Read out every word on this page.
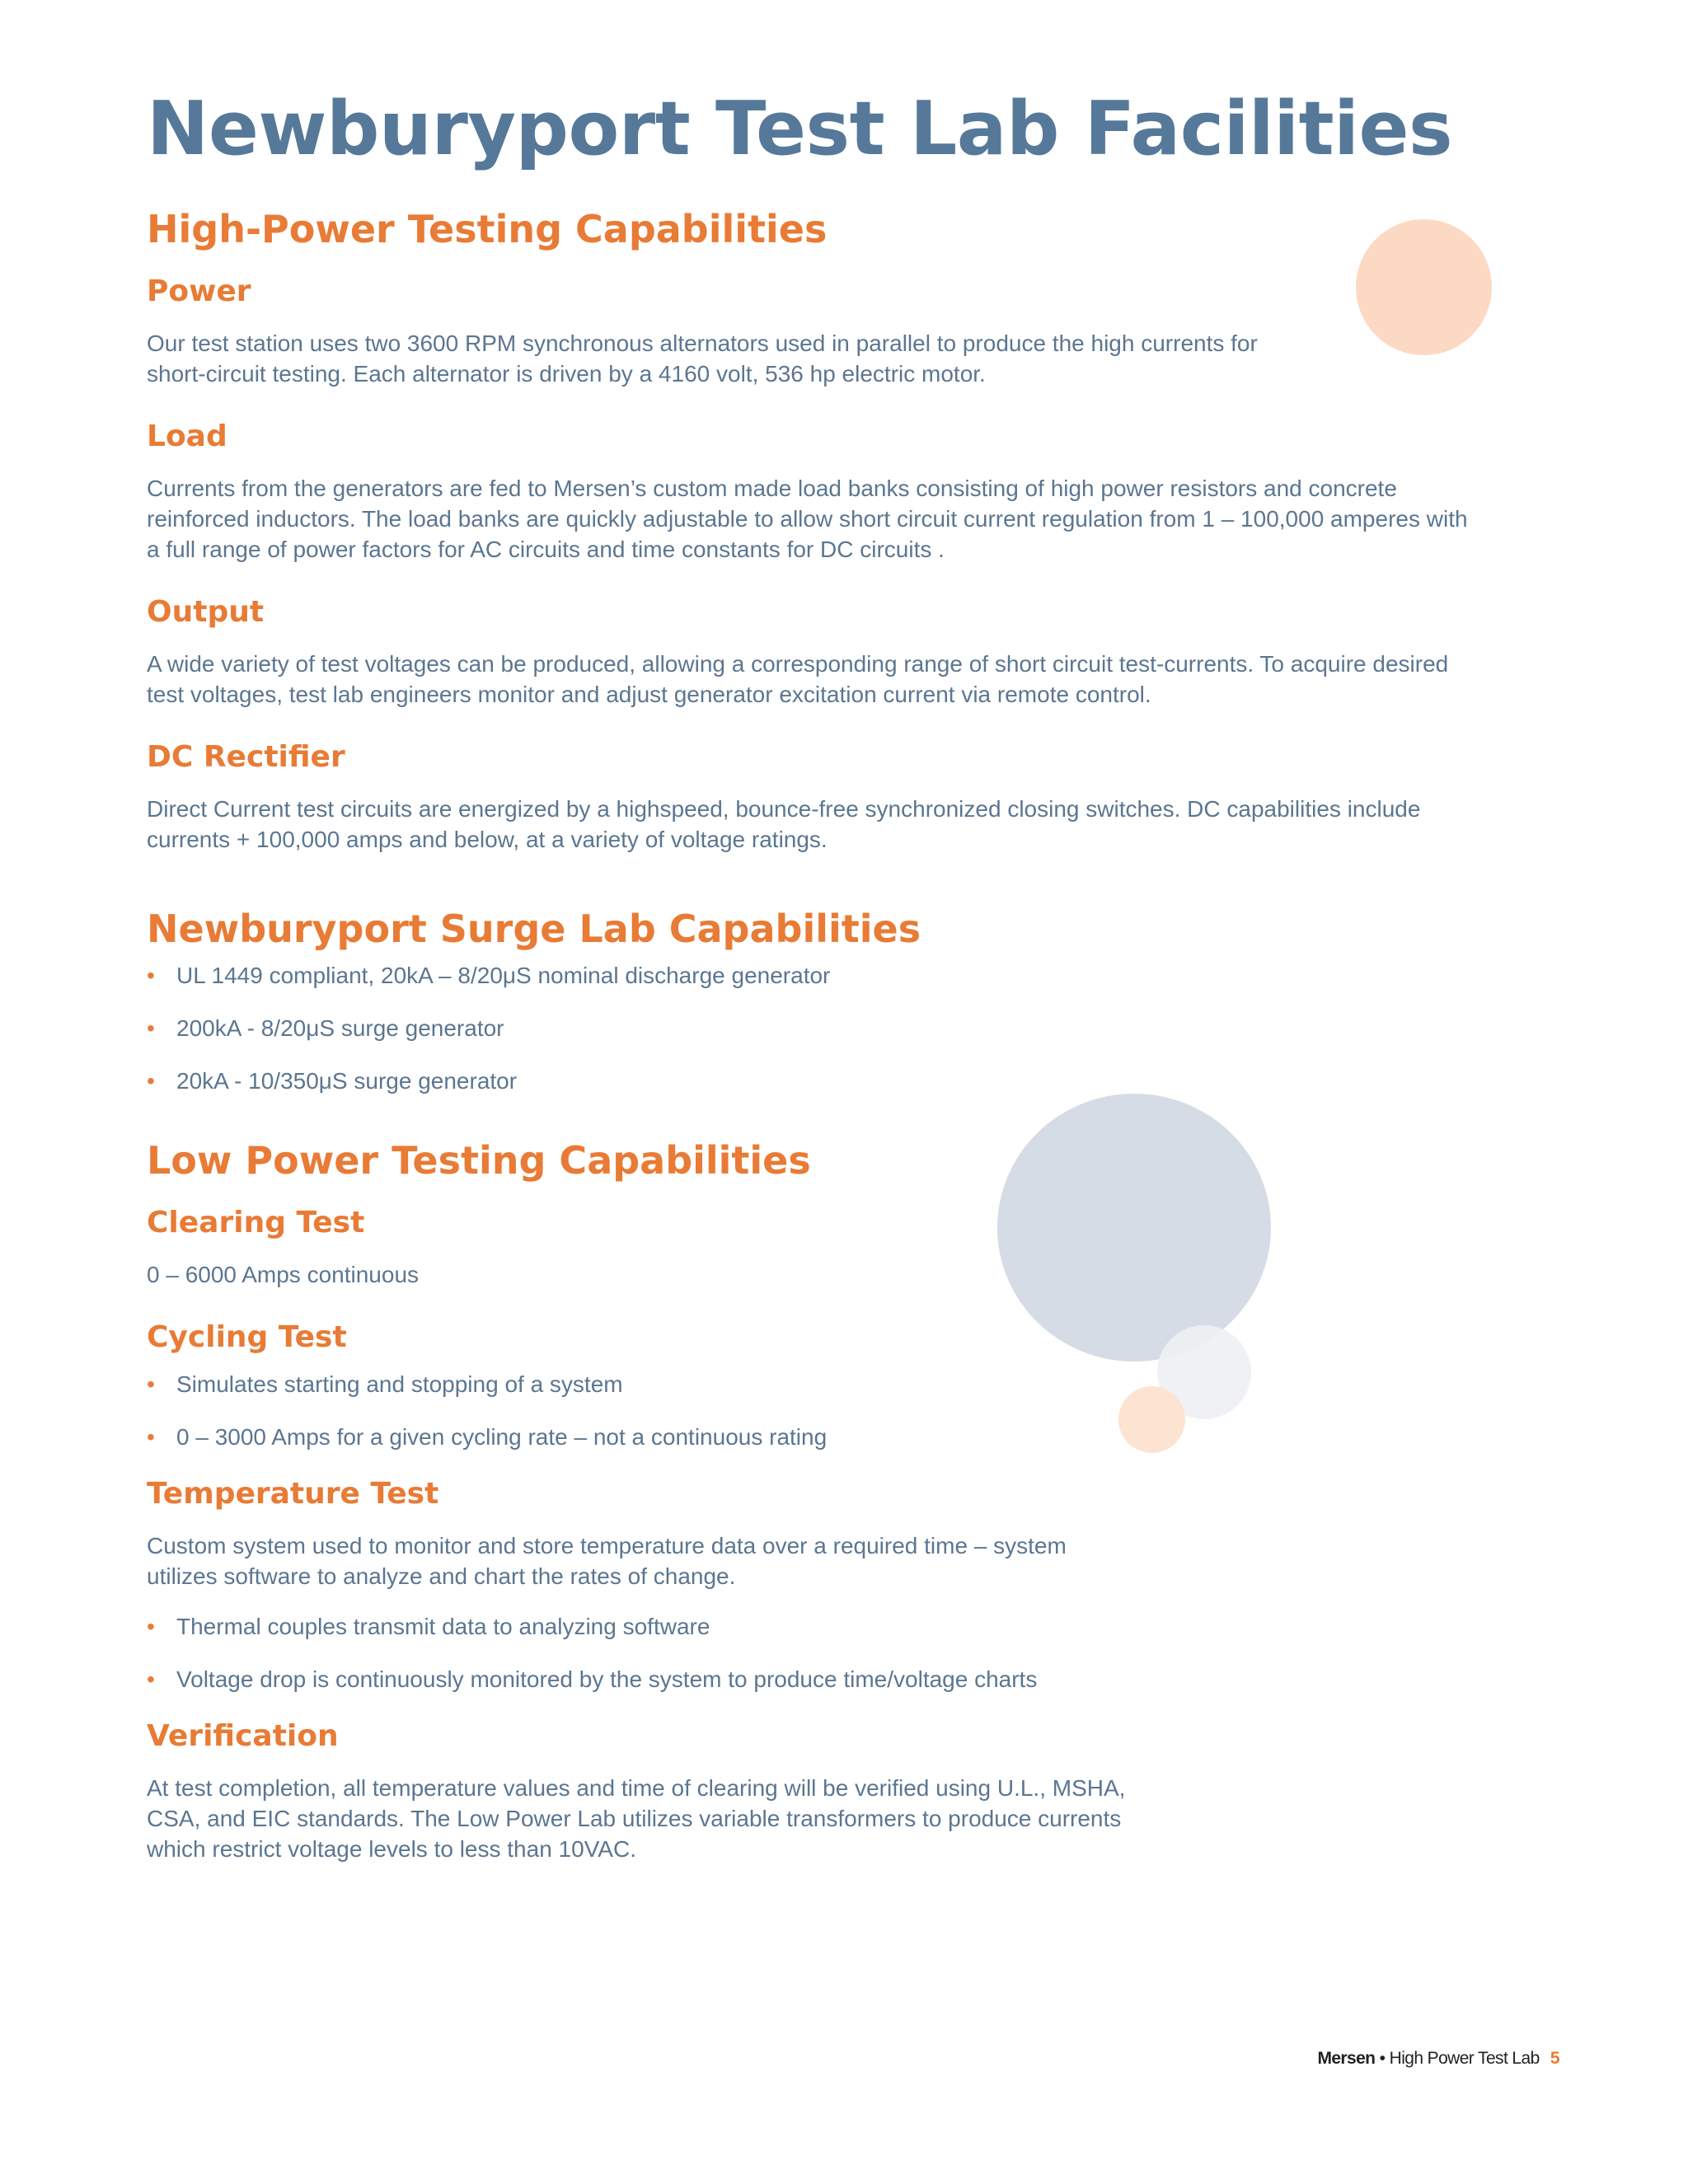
Newburyport Test Lab Facilities
High-Power Testing Capabilities
Power

Our test station uses two 3600 RPM synchronous alternators used in parallel to produce the high currents for
short-circuit testing. Each alternator is driven by a 4160 volt, 536 hp electric motor.

Load

Currents from the generators are fed to Mersen’s custom made load banks consisting of high power resistors and concrete
reinforced inductors. The load banks are quickly adjustable to allow short circuit current regulation from 1 – 100,000 amperes with
a full range of power factors for AC circuits and time constants for DC circuits .

Output

A wide variety of test voltages can be produced, allowing a corresponding range of short circuit test-currents. To acquire desired
test voltages, test lab engineers monitor and adjust generator excitation current via remote control.

DC Rectifier

Direct Current test circuits are energized by a highspeed, bounce-free synchronized closing switches. DC capabilities include
currents + 100,000 amps and below, at a variety of voltage ratings.

Newburyport Surge Lab Capabilities
• UL 1449 compliant, 20kA – 8/20μS nominal discharge generator
• 200kA - 8/20μS surge generator
• 20kA - 10/350μS surge generator
Low Power Testing Capabilities
Clearing Test

0 – 6000 Amps continuous

Cycling Test
• Simulates starting and stopping of a system
• 0 – 3000 Amps for a given cycling rate – not a continuous rating
Temperature Test

Custom system used to monitor and store temperature data over a required time – system
utilizes software to analyze and chart the rates of change.

• Thermal couples transmit data to analyzing software
• Voltage drop is continuously monitored by the system to produce time/voltage charts
Verification

At test completion, all temperature values and time of clearing will be verified using U.L., MSHA,
CSA, and EIC standards. The Low Power Lab utilizes variable transformers to produce currents
which restrict voltage levels to less than 10VAC.

Mersen • High Power Test Lab 5
